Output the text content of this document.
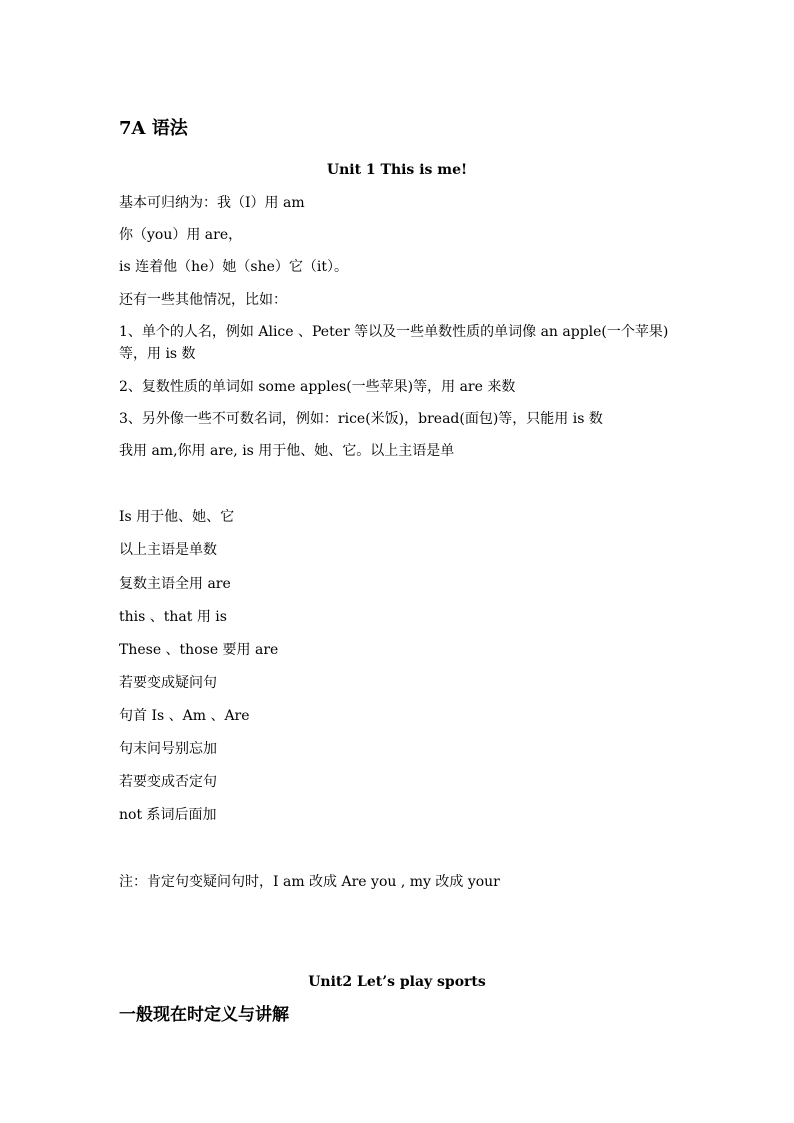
7A 语法
Unit 1 This is me!
基本可归纳为：我（I）用 am
你（you）用 are，
is 连着他（he）她（she）它（it）。
还有一些其他情况，比如：
1、单个的人名，例如 Alice 、Peter 等以及一些单数性质的单词像 an apple(一个苹果)等，用 is 数
2、复数性质的单词如 some apples(一些苹果)等，用 are 来数
3、另外像一些不可数名词，例如：rice(米饭)，bread(面包)等，只能用 is 数
我用 am,你用 are, is 用于他、她、它。以上主语是单
Is 用于他、她、它
以上主语是单数
复数主语全用 are
this 、that 用 is
These 、those 要用 are
若要变成疑问句
句首 Is 、Am 、Are
句末问号别忘加
若要变成否定句
not 系词后面加
注：肯定句变疑问句时，I am 改成 Are you , my 改成 your
Unit2 Let’s play sports
一般现在时定义与讲解
